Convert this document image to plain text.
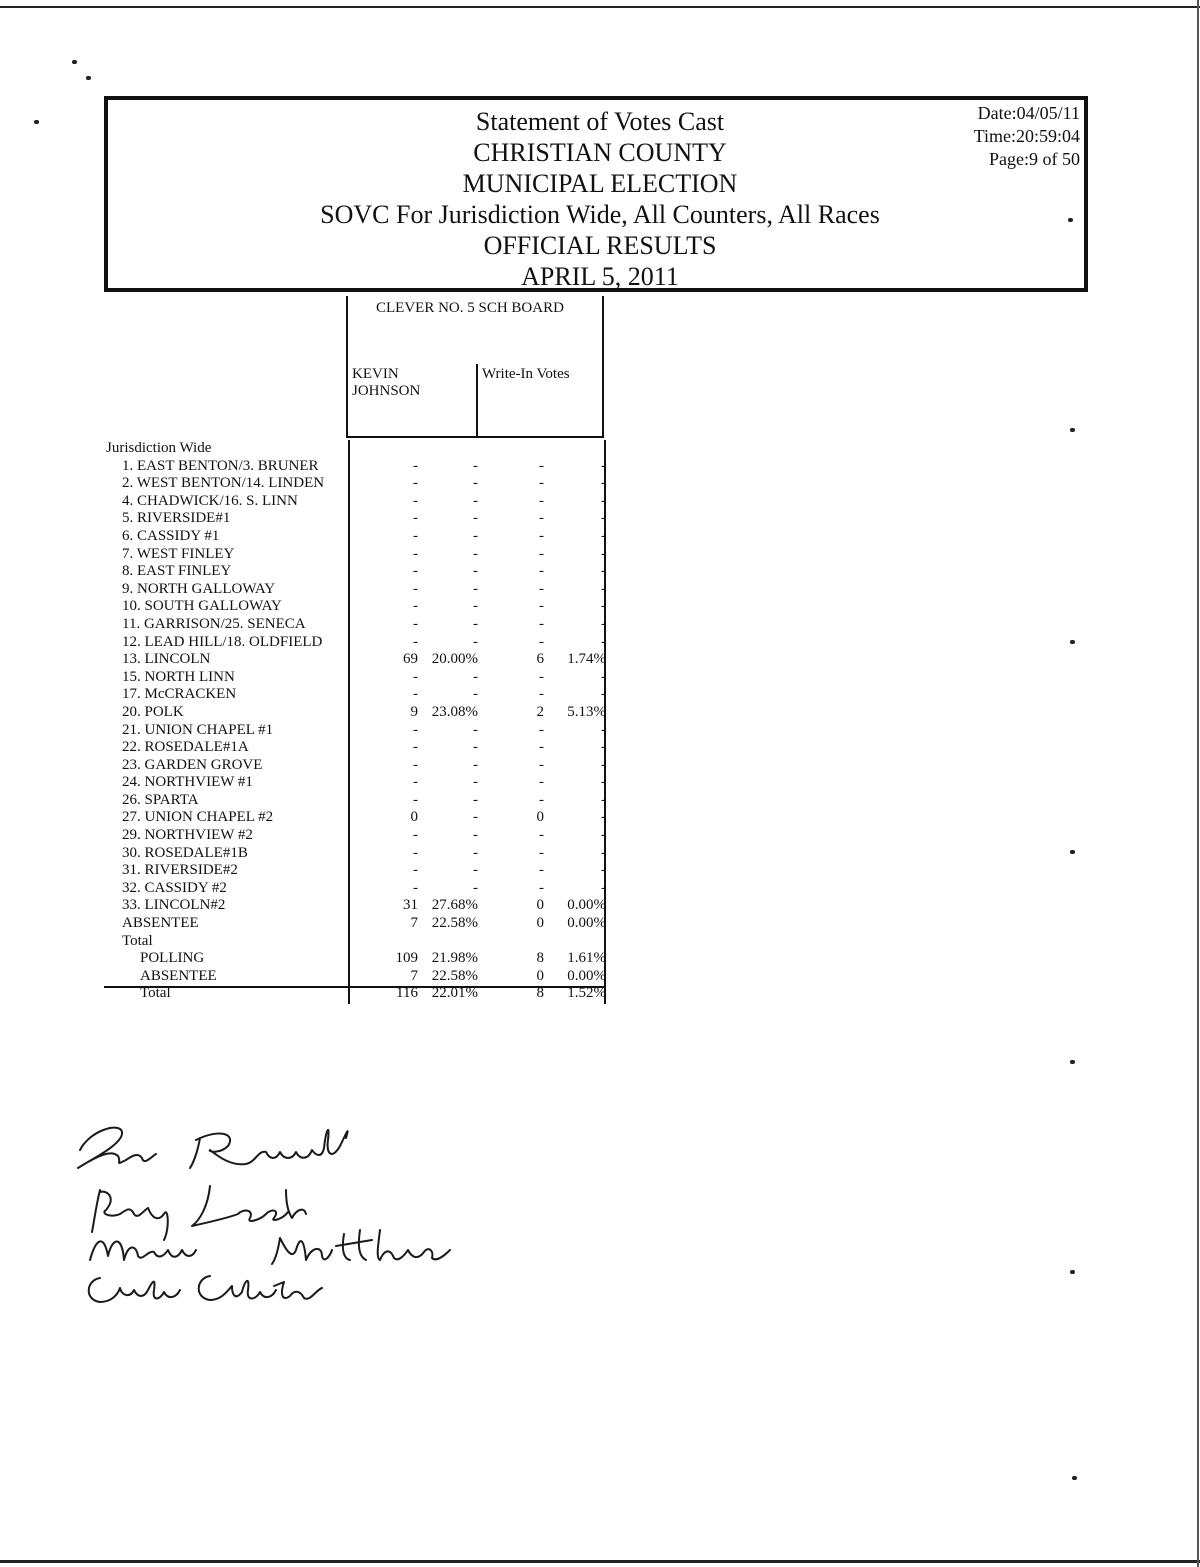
Statement of Votes Cast
CHRISTIAN COUNTY
MUNICIPAL ELECTION
SOVC For Jurisdiction Wide, All Counters, All Races
OFFICIAL RESULTS
APRIL 5, 2011
Date:04/05/11
Time:20:59:04
Page:9 of 50
CLEVER NO. 5 SCH BOARD
KEVIN
JOHNSON
Write-In Votes
Jurisdiction Wide
1. EAST BENTON/3. BRUNER	-	-	-	-
2. WEST BENTON/14. LINDEN	-	-	-	-
4. CHADWICK/16. S. LINN	-	-	-	-
5. RIVERSIDE#1	-	-	-	-
6. CASSIDY #1	-	-	-	-
7. WEST FINLEY	-	-	-	-
8. EAST FINLEY	-	-	-	-
9. NORTH GALLOWAY	-	-	-	-
10. SOUTH GALLOWAY	-	-	-	-
11. GARRISON/25. SENECA	-	-	-	-
12. LEAD HILL/18. OLDFIELD	-	-	-	-
13. LINCOLN	69 20.00%	6 1.74%
15. NORTH LINN	-	-	-	-
17. McCRACKEN	-	-	-	-
20. POLK	9 23.08%	2 5.13%
21. UNION CHAPEL #1	-	-	-	-
22. ROSEDALE#1A	-	-	-	-
23. GARDEN GROVE	-	-	-	-
24. NORTHVIEW #1	-	-	-	-
26. SPARTA	-	-	-	-
27. UNION CHAPEL #2	0	-	0	-
29. NORTHVIEW #2	-	-	-	-
30. ROSEDALE#1B	-	-	-	-
31. RIVERSIDE#2	-	-	-	-
32. CASSIDY #2	-	-	-	-
33. LINCOLN#2	31 27.68%	0 0.00%
ABSENTEE	7 22.58%	0 0.00%
Total
POLLING	109 21.98%	8 1.61%
ABSENTEE	7 22.58%	0 0.00%
Total	116 22.01%	8 1.52%
